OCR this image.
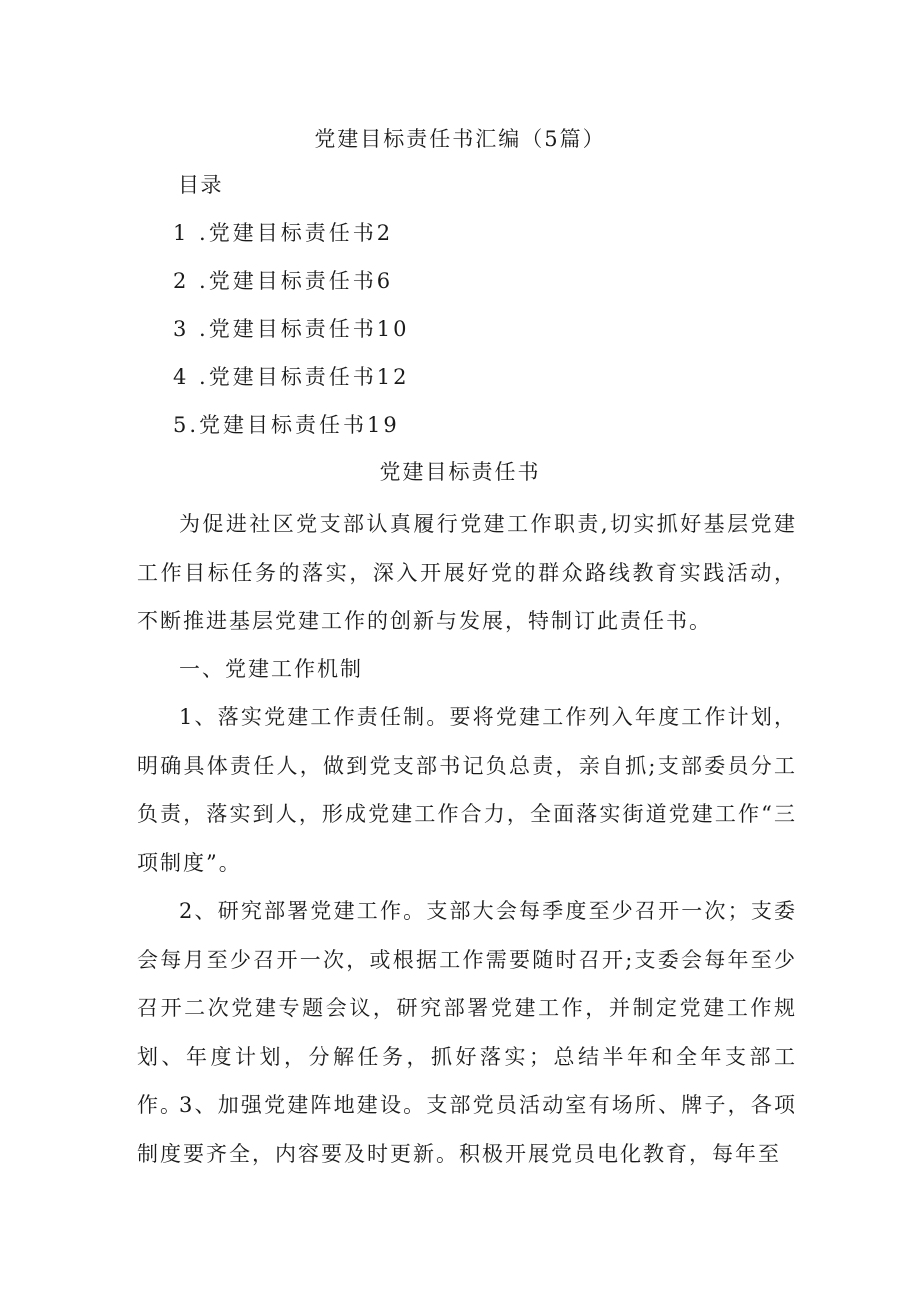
党建目标责任书汇编（5篇）
目录
1 .党建目标责任书2
2 .党建目标责任书6
3 .党建目标责任书10
4 .党建目标责任书12
5.党建目标责任书19
党建目标责任书

为促进社区党支部认真履行党建工作职责,切实抓好基层党建工作目标任务的落实，深入开展好党的群众路线教育实践活动，不断推进基层党建工作的创新与发展，特制订此责任书。

一、党建工作机制

1、落实党建工作责任制。要将党建工作列入年度工作计划，明确具体责任人，做到党支部书记负总责，亲自抓;支部委员分工负责，落实到人，形成党建工作合力，全面落实街道党建工作“三项制度”。

2、研究部署党建工作。支部大会每季度至少召开一次；支委会每月至少召开一次，或根据工作需要随时召开;支委会每年至少召开二次党建专题会议，研究部署党建工作，并制定党建工作规划、年度计划，分解任务，抓好落实；总结半年和全年支部工作。

3、加强党建阵地建设。支部党员活动室有场所、牌子，各项制度要齐全，内容要及时更新。积极开展党员电化教育，每年至
